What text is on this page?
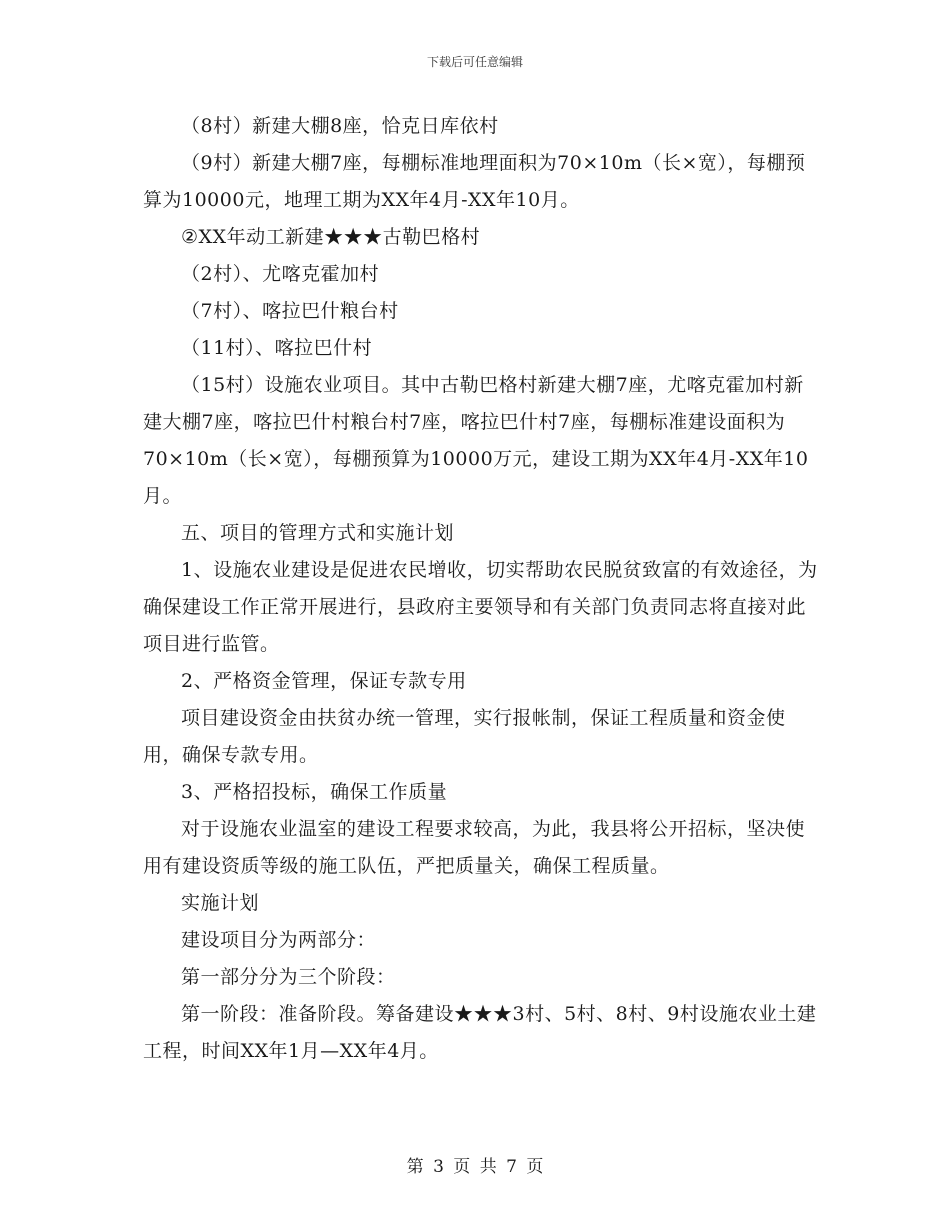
下载后可任意编辑

（8村）新建大棚8座，恰克日库依村

（9村）新建大棚7座，每棚标准地理面积为70×10m（长×宽），每棚预算为10000元，地理工期为XX年4月-XX年10月。

②XX年动工新建★★★古勒巴格村

（2村）、尤喀克霍加村

（7村）、喀拉巴什粮台村

（11村）、喀拉巴什村

（15村）设施农业项目。其中古勒巴格村新建大棚7座，尤喀克霍加村新建大棚7座，喀拉巴什村粮台村7座，喀拉巴什村7座，每棚标准建设面积为70×10m（长×宽），每棚预算为10000万元，建设工期为XX年4月-XX年10月。

五、项目的管理方式和实施计划

1、设施农业建设是促进农民增收，切实帮助农民脱贫致富的有效途径，为确保建设工作正常开展进行，县政府主要领导和有关部门负责同志将直接对此项目进行监管。

2、严格资金管理，保证专款专用

项目建设资金由扶贫办统一管理，实行报帐制，保证工程质量和资金使用，确保专款专用。

3、严格招投标，确保工作质量

对于设施农业温室的建设工程要求较高，为此，我县将公开招标，坚决使用有建设资质等级的施工队伍，严把质量关，确保工程质量。

实施计划

建设项目分为两部分：

第一部分分为三个阶段：

第一阶段：准备阶段。筹备建设★★★3村、5村、8村、9村设施农业土建工程，时间XX年1月—XX年4月。

第 3 页 共 7 页
